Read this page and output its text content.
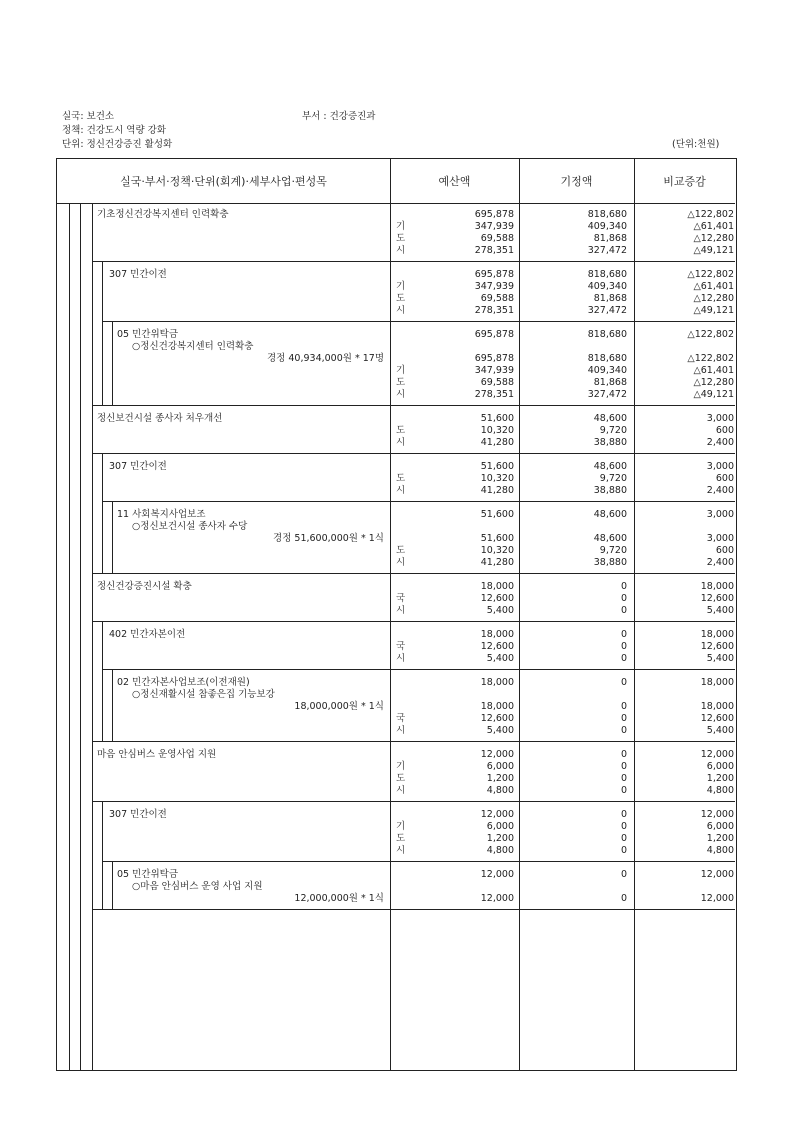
실국: 보건소	부서 : 건강증진과
정책: 건강도시 역량 강화
단위: 정신건강증진 활성화	(단위:천원)
실국·부서·정책·단위(회계)·세부사업·편성목	예산액	기정액	비교증감
기초정신건강복지센터 인력확충	695,878	818,680	△122,802
기	347,939	409,340	△61,401
도	69,588	81,868	△12,280
시	278,351	327,472	△49,121
307 민간이전	695,878	818,680	△122,802
기	347,939	409,340	△61,401
도	69,588	81,868	△12,280
시	278,351	327,472	△49,121
05 민간위탁금
○정신건강복지센터 인력확충
경정 40,934,000원 * 17명
695,878	818,680	△122,802
695,878	818,680	△122,802
기	347,939	409,340	△61,401
도	69,588	81,868	△12,280
시	278,351	327,472	△49,121
정신보건시설 종사자 처우개선	51,600	48,600	3,000
도	10,320	9,720	600
시	41,280	38,880	2,400
307 민간이전	51,600	48,600	3,000
도	10,320	9,720	600
시	41,280	38,880	2,400
11 사회복지사업보조
○정신보건시설 종사자 수당
경정 51,600,000원 * 1식
51,600	48,600	3,000
51,600	48,600	3,000
도	10,320	9,720	600
시	41,280	38,880	2,400
정신건강증진시설 확충	18,000	0	18,000
국	12,600	0	12,600
시	5,400	0	5,400
402 민간자본이전	18,000	0	18,000
국	12,600	0	12,600
시	5,400	0	5,400
02 민간자본사업보조(이전재원)
○정신재활시설 참좋은집 기능보강
18,000,000원 * 1식
18,000	0	18,000
18,000	0	18,000
국	12,600	0	12,600
시	5,400	0	5,400
마음 안심버스 운영사업 지원	12,000	0	12,000
기	6,000	0	6,000
도	1,200	0	1,200
시	4,800	0	4,800
307 민간이전	12,000	0	12,000
기	6,000	0	6,000
도	1,200	0	1,200
시	4,800	0	4,800
05 민간위탁금
○마음 안심버스 운영 사업 지원
12,000,000원 * 1식
12,000	0	12,000
12,000	0	12,000
